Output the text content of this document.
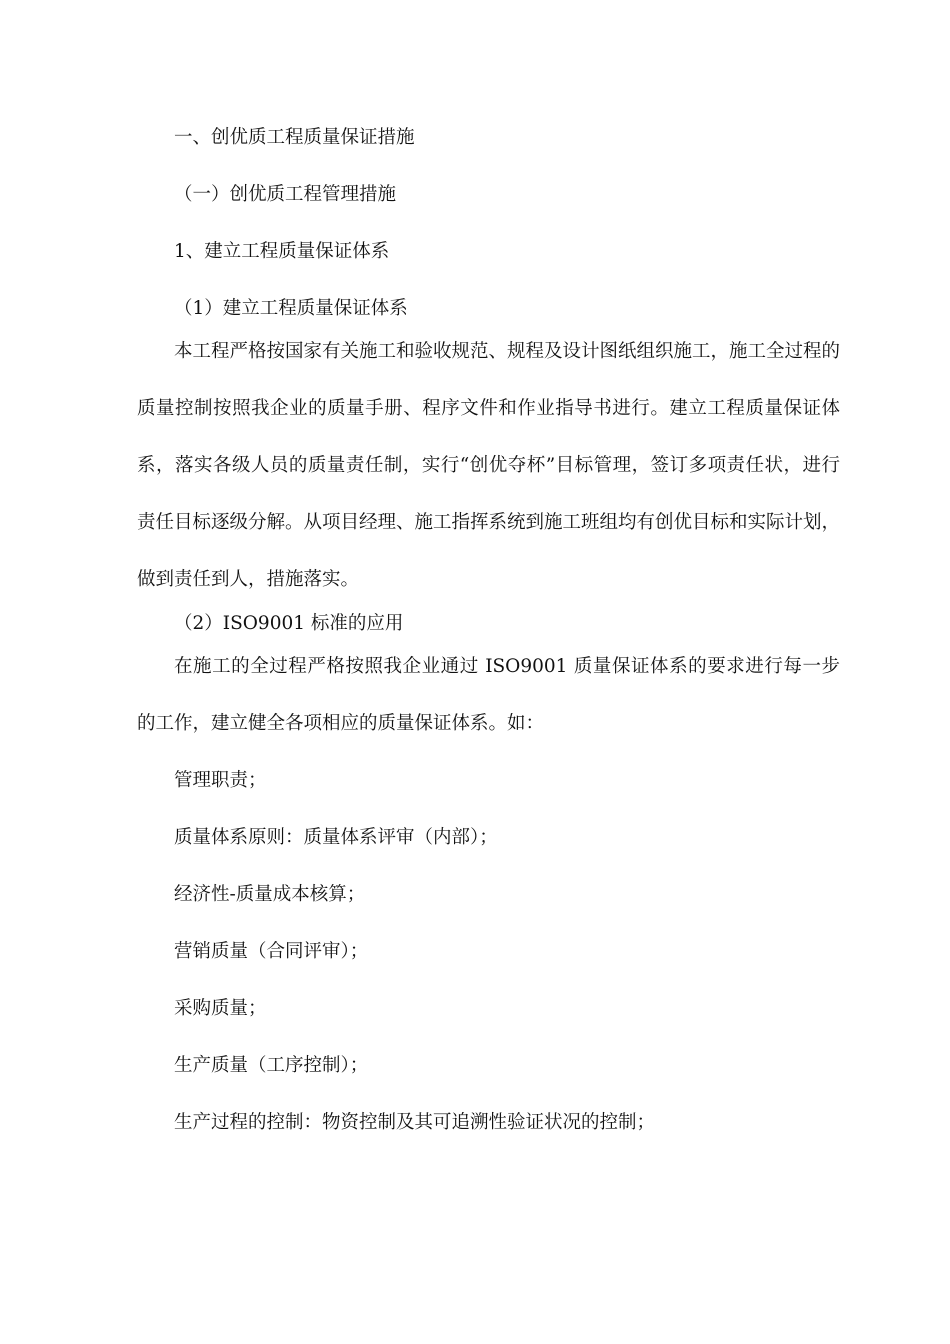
一、创优质工程质量保证措施

（一）创优质工程管理措施

1、建立工程质量保证体系

（1）建立工程质量保证体系

本工程严格按国家有关施工和验收规范、规程及设计图纸组织施工，施工全过程的质量控制按照我企业的质量手册、程序文件和作业指导书进行。建立工程质量保证体系，落实各级人员的质量责任制，实行“创优夺杯”目标管理，签订多项责任状，进行责任目标逐级分解。从项目经理、施工指挥系统到施工班组均有创优目标和实际计划，做到责任到人，措施落实。

（2）ISO9001 标准的应用

在施工的全过程严格按照我企业通过 ISO9001 质量保证体系的要求进行每一步的工作，建立健全各项相应的质量保证体系。如：

管理职责；

质量体系原则：质量体系评审（内部）；

经济性-质量成本核算；

营销质量（合同评审）；

采购质量；

生产质量（工序控制）；

生产过程的控制：物资控制及其可追溯性验证状况的控制；
